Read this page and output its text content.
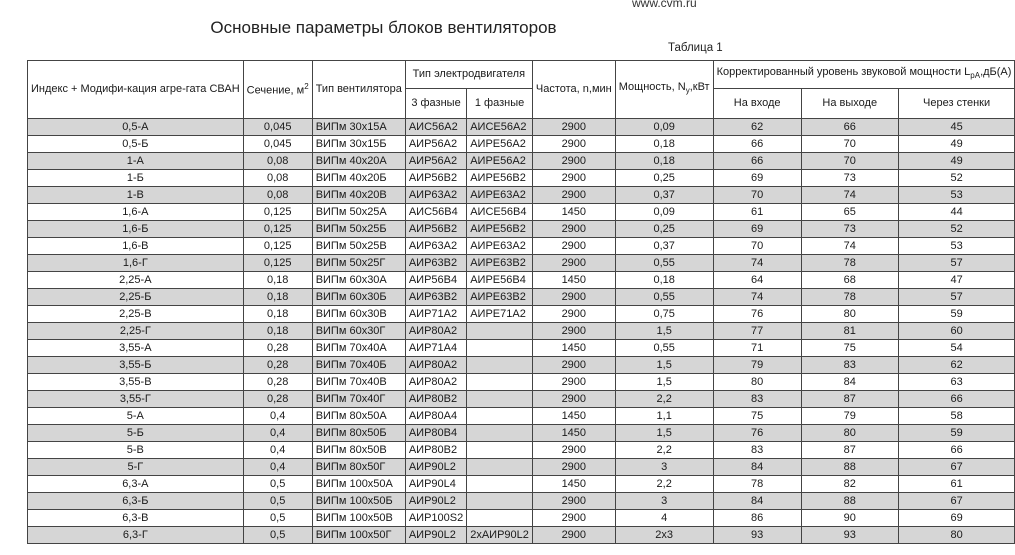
www.cvm.ru
Основные параметры блоков вентиляторов
Таблица 1
Индекс + Модифи-кация агре-гата СВАН	Сечение, $м^2$	Тип вентилятора	Тип электродвигателя		Частота, n,мин	Мощность, $N_у,кВт$	Корректированный уровень звуковой мощности $L_{pA},дБ(А)$		
			3 фазные	1 фазные			На входе	На выходе	Через стенки
0,5-А	0,045	ВИПм 30х15А	АИС56А2	АИСЕ56А2	2900	0,09	62	66	45
0,5-Б	0,045	ВИПм 30х15Б	АИР56А2	АИРЕ56А2	2900	0,18	66	70	49
1-А	0,08	ВИПм 40х20А	АИР56А2	АИРЕ56А2	2900	0,18	66	70	49
1-Б	0,08	ВИПм 40х20Б	АИР56В2	АИРЕ56В2	2900	0,25	69	73	52
1-В	0,08	ВИПм 40х20В	АИР63А2	АИРЕ63А2	2900	0,37	70	74	53
1,6-А	0,125	ВИПм 50х25А	АИС56В4	АИСЕ56В4	1450	0,09	61	65	44
1,6-Б	0,125	ВИПм 50х25Б	АИР56В2	АИРЕ56В2	2900	0,25	69	73	52
1,6-В	0,125	ВИПм 50х25В	АИР63А2	АИРЕ63А2	2900	0,37	70	74	53
1,6-Г	0,125	ВИПм 50х25Г	АИР63В2	АИРЕ63В2	2900	0,55	74	78	57
2,25-А	0,18	ВИПм 60х30А	АИР56В4	АИРЕ56В4	1450	0,18	64	68	47
2,25-Б	0,18	ВИПм 60х30Б	АИР63В2	АИРЕ63В2	2900	0,55	74	78	57
2,25-В	0,18	ВИПм 60х30В	АИР71А2	АИРЕ71А2	2900	0,75	76	80	59
2,25-Г	0,18	ВИПм 60х30Г	АИР80А2		2900	1,5	77	81	60
3,55-А	0,28	ВИПм 70х40А	АИР71А4		1450	0,55	71	75	54
3,55-Б	0,28	ВИПм 70х40Б	АИР80А2		2900	1,5	79	83	62
3,55-В	0,28	ВИПм 70х40В	АИР80А2		2900	1,5	80	84	63
3,55-Г	0,28	ВИПм 70х40Г	АИР80В2		2900	2,2	83	87	66
5-А	0,4	ВИПм 80х50А	АИР80А4		1450	1,1	75	79	58
5-Б	0,4	ВИПм 80х50Б	АИР80В4		1450	1,5	76	80	59
5-В	0,4	ВИПм 80х50В	АИР80В2		2900	2,2	83	87	66
5-Г	0,4	ВИПм 80х50Г	АИР90L2		2900	3	84	88	67
6,3-А	0,5	ВИПм 100х50А	АИР90L4		1450	2,2	78	82	61
6,3-Б	0,5	ВИПм 100х50Б	АИР90L2		2900	3	84	88	67
6,3-В	0,5	ВИПм 100х50В	АИР100S2		2900	4	86	90	69
6,3-Г	0,5	ВИПм 100х50Г	АИР90L2	2хАИР90L2	2900	2х3	93	93	80
